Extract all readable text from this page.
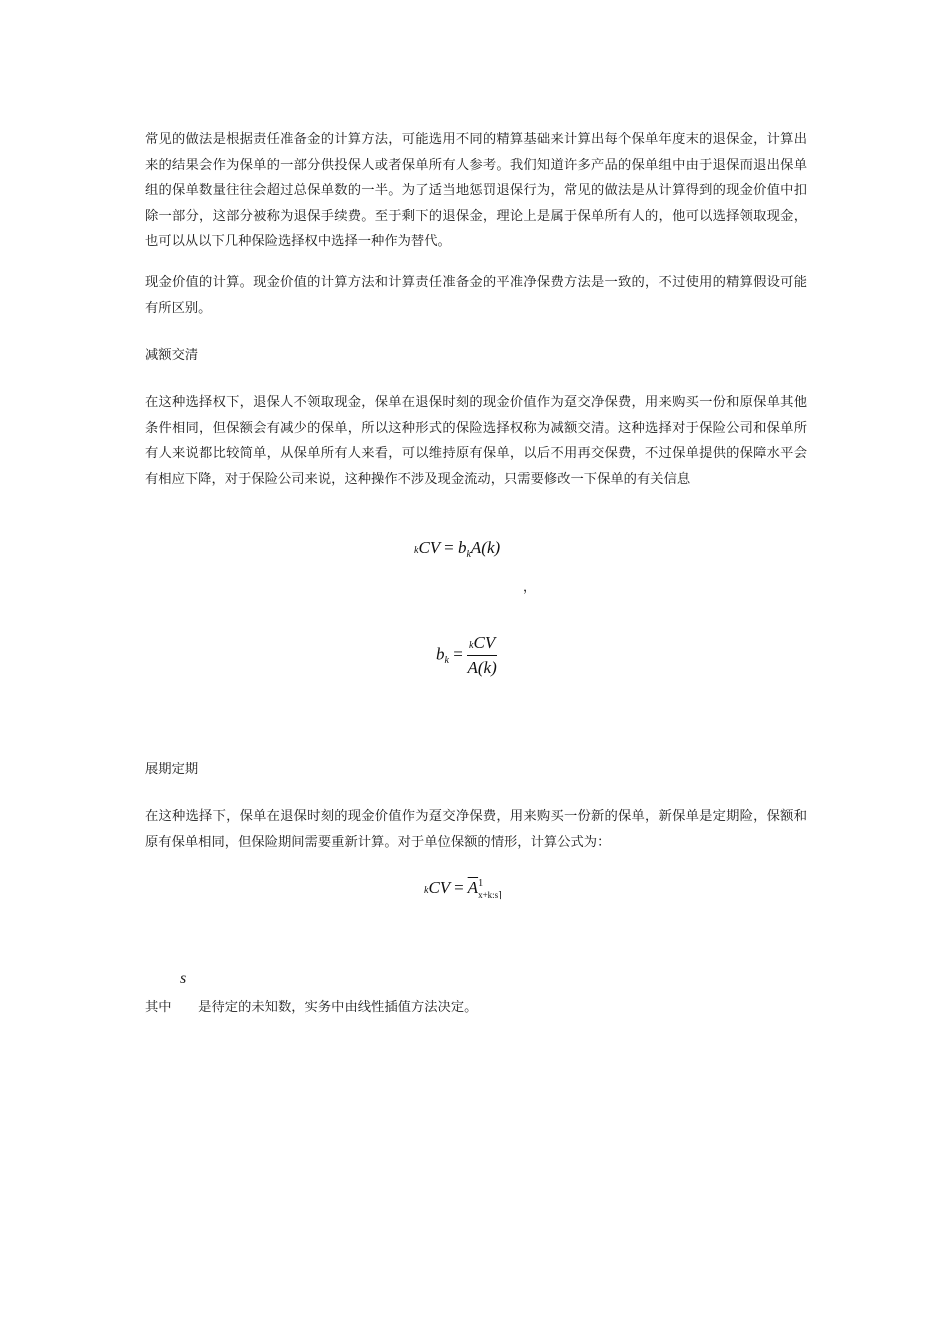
常见的做法是根据责任准备金的计算方法，可能选用不同的精算基础来计算出每个保单年度末的退保金，计算出来的结果会作为保单的一部分供投保人或者保单所有人参考。我们知道许多产品的保单组中由于退保而退出保单组的保单数量往往会超过总保单数的一半。为了适当地惩罚退保行为，常见的做法是从计算得到的现金价值中扣除一部分，这部分被称为退保手续费。至于剩下的退保金，理论上是属于保单所有人的，他可以选择领取现金，也可以从以下几种保险选择权中选择一种作为替代。

现金价值的计算。现金价值的计算方法和计算责任准备金的平准净保费方法是一致的，不过使用的精算假设可能有所区别。

减额交清

在这种选择权下，退保人不领取现金，保单在退保时刻的现金价值作为趸交净保费，用来购买一份和原保单其他条件相同，但保额会有减少的保单，所以这种形式的保险选择权称为减额交清。这种选择对于保险公司和保单所有人来说都比较简单，从保单所有人来看，可以维持原有保单，以后不用再交保费，不过保单提供的保障水平会有相应下降，对于保险公司来说，这种操作不涉及现金流动，只需要修改一下保单的有关信息

kCV = $b_kA(k)$
，
$b_k = \frac{\text{kCV}}{A(k)}$

展期定期

在这种选择下，保单在退保时刻的现金价值作为趸交净保费，用来购买一份新的保单，新保单是定期险，保额和原有保单相同，但保险期间需要重新计算。对于单位保额的情形，计算公式为：

kCV = $\overline{A}^1_{x+k:s⌉}$
s

其中　　是待定的未知数，实务中由线性插值方法决定。
